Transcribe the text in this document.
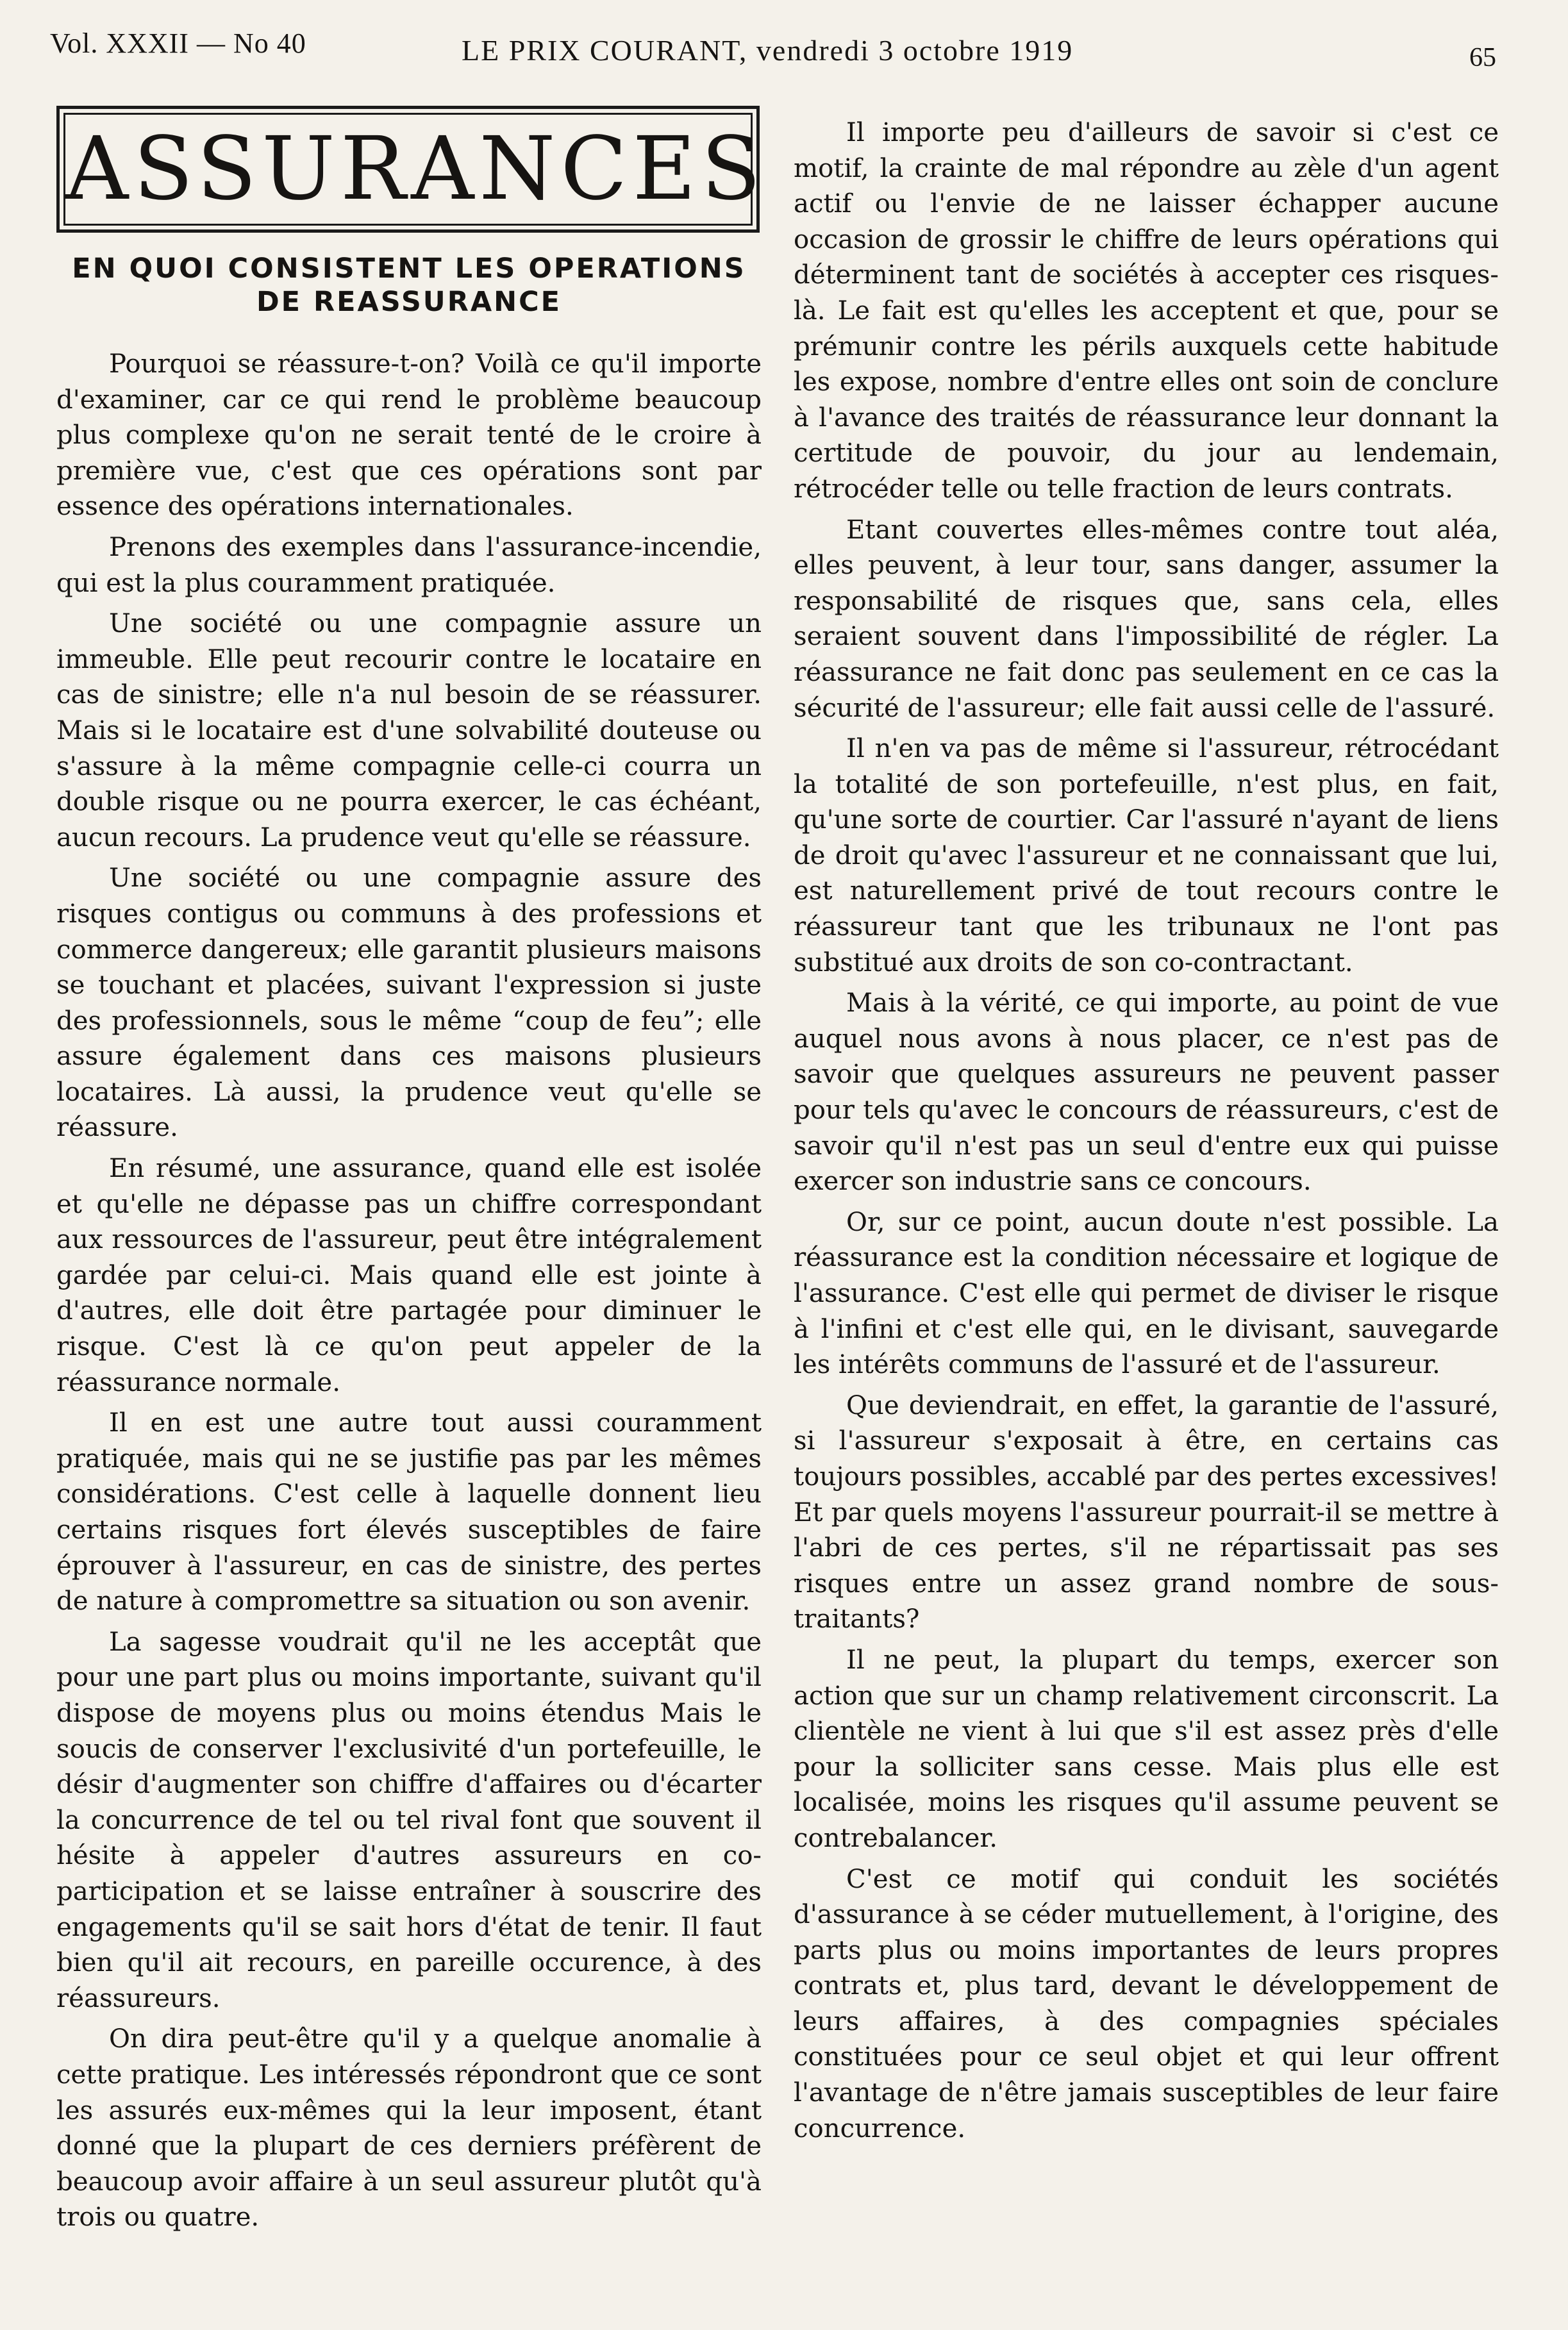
Vol. XXXII — No 40	LE PRIX COURANT, vendredi 3 octobre 1919	65
ASSURANCES
EN QUOI CONSISTENT LES OPERATIONS DE REASSURANCE

Pourquoi se réassure-t-on? Voilà ce qu'il importe d'examiner, car ce qui rend le problème beaucoup plus complexe qu'on ne serait tenté de le croire à première vue, c'est que ces opérations sont par essence des opérations internationales.

Prenons des exemples dans l'assurance-incendie, qui est la plus couramment pratiquée.

Une société ou une compagnie assure un immeuble. Elle peut recourir contre le locataire en cas de sinistre; elle n'a nul besoin de se réassurer. Mais si le locataire est d'une solvabilité douteuse ou s'assure à la même compagnie celle-ci courra un double risque ou ne pourra exercer, le cas échéant, aucun recours. La prudence veut qu'elle se réassure.

Une société ou une compagnie assure des risques contigus ou communs à des professions et commerce dangereux; elle garantit plusieurs maisons se touchant et placées, suivant l'expression si juste des professionnels, sous le même “coup de feu”; elle assure également dans ces maisons plusieurs locataires. Là aussi, la prudence veut qu'elle se réassure.

En résumé, une assurance, quand elle est isolée et qu'elle ne dépasse pas un chiffre correspondant aux ressources de l'assureur, peut être intégralement gardée par celui-ci. Mais quand elle est jointe à d'autres, elle doit être partagée pour diminuer le risque. C'est là ce qu'on peut appeler de la réassurance normale.

Il en est une autre tout aussi couramment pratiquée, mais qui ne se justifie pas par les mêmes considérations. C'est celle à laquelle donnent lieu certains risques fort élevés susceptibles de faire éprouver à l'assureur, en cas de sinistre, des pertes de nature à compromettre sa situation ou son avenir.

La sagesse voudrait qu'il ne les acceptât que pour une part plus ou moins importante, suivant qu'il dispose de moyens plus ou moins étendus Mais le soucis de conserver l'exclusivité d'un portefeuille, le désir d'augmenter son chiffre d'affaires ou d'écarter la concurrence de tel ou tel rival font que souvent il hésite à appeler d'autres assureurs en co-participation et se laisse entraîner à souscrire des engagements qu'il se sait hors d'état de tenir. Il faut bien qu'il ait recours, en pareille occurence, à des réassureurs.

On dira peut-être qu'il y a quelque anomalie à cette pratique. Les intéressés répondront que ce sont les assurés eux-mêmes qui la leur imposent, étant donné que la plupart de ces derniers préfèrent de beaucoup avoir affaire à un seul assureur plutôt qu'à trois ou quatre.

Il importe peu d'ailleurs de savoir si c'est ce motif, la crainte de mal répondre au zèle d'un agent actif ou l'envie de ne laisser échapper aucune occasion de grossir le chiffre de leurs opérations qui déterminent tant de sociétés à accepter ces risques-là. Le fait est qu'elles les acceptent et que, pour se prémunir contre les périls auxquels cette habitude les expose, nombre d'entre elles ont soin de conclure à l'avance des traités de réassurance leur donnant la certitude de pouvoir, du jour au lendemain, rétrocéder telle ou telle fraction de leurs contrats.

Etant couvertes elles-mêmes contre tout aléa, elles peuvent, à leur tour, sans danger, assumer la responsabilité de risques que, sans cela, elles seraient souvent dans l'impossibilité de régler. La réassurance ne fait donc pas seulement en ce cas la sécurité de l'assureur; elle fait aussi celle de l'assuré.

Il n'en va pas de même si l'assureur, rétrocédant la totalité de son portefeuille, n'est plus, en fait, qu'une sorte de courtier. Car l'assuré n'ayant de liens de droit qu'avec l'assureur et ne connaissant que lui, est naturellement privé de tout recours contre le réassureur tant que les tribunaux ne l'ont pas substitué aux droits de son co-contractant.

Mais à la vérité, ce qui importe, au point de vue auquel nous avons à nous placer, ce n'est pas de savoir que quelques assureurs ne peuvent passer pour tels qu'avec le concours de réassureurs, c'est de savoir qu'il n'est pas un seul d'entre eux qui puisse exercer son industrie sans ce concours.

Or, sur ce point, aucun doute n'est possible. La réassurance est la condition nécessaire et logique de l'assurance. C'est elle qui permet de diviser le risque à l'infini et c'est elle qui, en le divisant, sauvegarde les intérêts communs de l'assuré et de l'assureur.

Que deviendrait, en effet, la garantie de l'assuré, si l'assureur s'exposait à être, en certains cas toujours possibles, accablé par des pertes excessives! Et par quels moyens l'assureur pourrait-il se mettre à l'abri de ces pertes, s'il ne répartissait pas ses risques entre un assez grand nombre de sous-traitants?

Il ne peut, la plupart du temps, exercer son action que sur un champ relativement circonscrit. La clientèle ne vient à lui que s'il est assez près d'elle pour la solliciter sans cesse. Mais plus elle est localisée, moins les risques qu'il assume peuvent se contrebalancer.

C'est ce motif qui conduit les sociétés d'assurance à se céder mutuellement, à l'origine, des parts plus ou moins importantes de leurs propres contrats et, plus tard, devant le développement de leurs affaires, à des compagnies spéciales constituées pour ce seul objet et qui leur offrent l'avantage de n'être jamais susceptibles de leur faire concurrence.
